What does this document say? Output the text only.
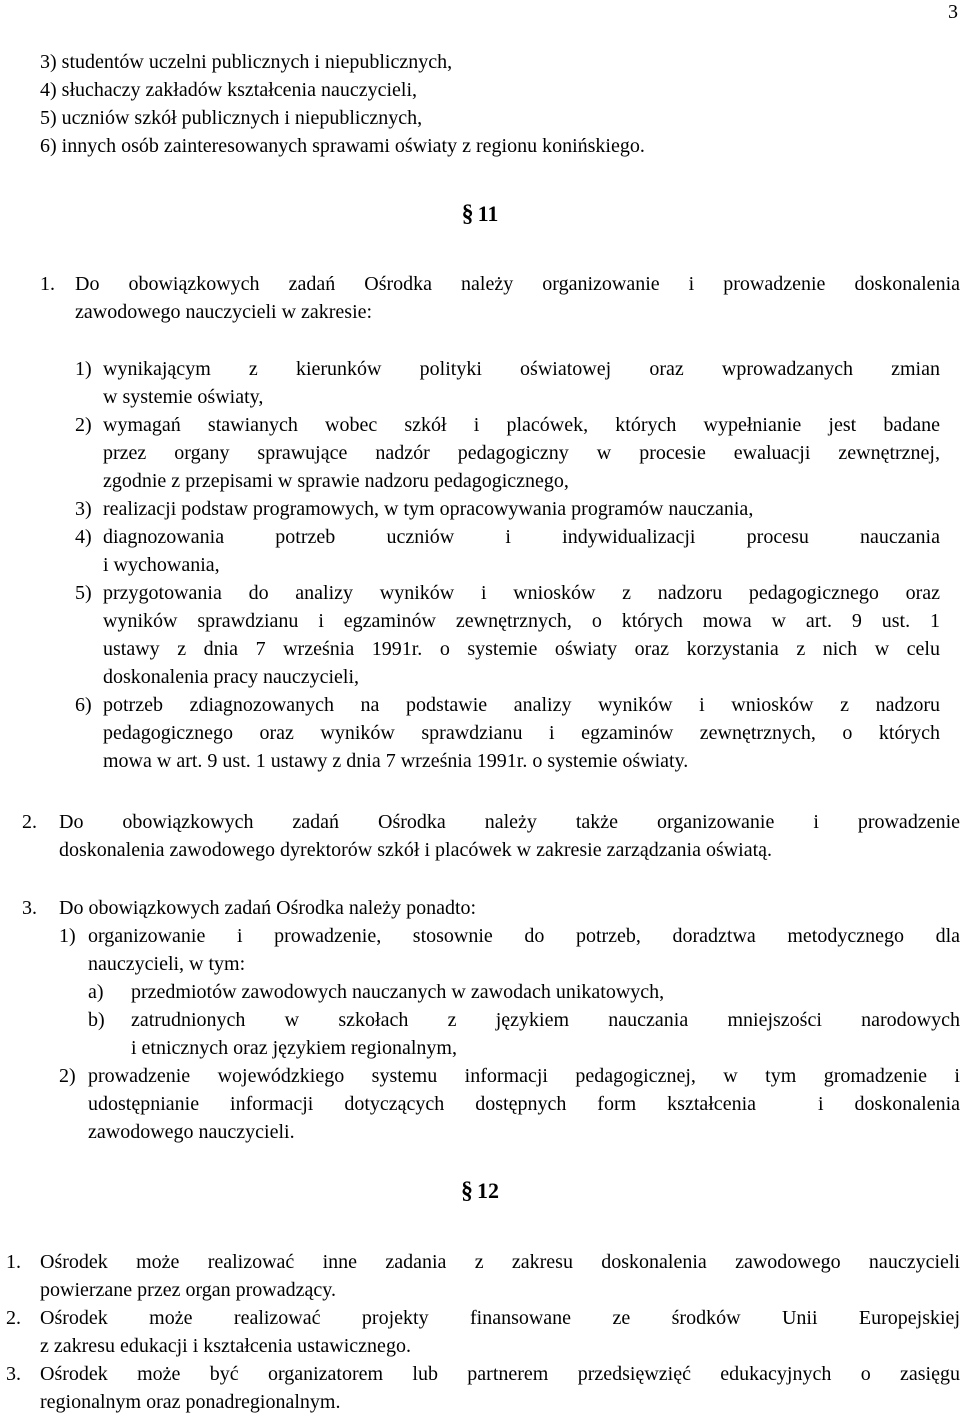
3
3) studentów uczelni publicznych i niepublicznych,
4) słuchaczy zakładów kształcenia nauczycieli,
5) uczniów szkół publicznych i niepublicznych,
6) innych osób zainteresowanych sprawami oświaty z regionu konińskiego.
§ 11
1. Do obowiązkowych zadań Ośrodka należy organizowanie i prowadzenie doskonalenia
zawodowego nauczycieli w zakresie:
1) wynikającym z kierunków polityki oświatowej oraz wprowadzanych zmian
w systemie oświaty,
2) wymagań stawianych wobec szkół i placówek, których wypełnianie jest badane
przez organy sprawujące nadzór pedagogiczny w procesie ewaluacji zewnętrznej,
zgodnie z przepisami w sprawie nadzoru pedagogicznego,
3) realizacji podstaw programowych, w tym opracowywania programów nauczania,
4) diagnozowania potrzeb uczniów i indywidualizacji procesu nauczania
i wychowania,
5) przygotowania do analizy wyników i wniosków z nadzoru pedagogicznego oraz
wyników sprawdzianu i egzaminów zewnętrznych, o których mowa w art. 9 ust. 1
ustawy z dnia 7 września 1991r. o systemie oświaty oraz korzystania z nich w celu
doskonalenia pracy nauczycieli,
6) potrzeb zdiagnozowanych na podstawie analizy wyników i wniosków z nadzoru
pedagogicznego oraz wyników sprawdzianu i egzaminów zewnętrznych, o których
mowa w art. 9 ust. 1 ustawy z dnia 7 września 1991r. o systemie oświaty.
2. Do obowiązkowych zadań Ośrodka należy także organizowanie i prowadzenie
doskonalenia zawodowego dyrektorów szkół i placówek w zakresie zarządzania oświatą.
3. Do obowiązkowych zadań Ośrodka należy ponadto:
1) organizowanie i prowadzenie, stosownie do potrzeb, doradztwa metodycznego dla
nauczycieli, w tym:
a) przedmiotów zawodowych nauczanych w zawodach unikatowych,
b) zatrudnionych w szkołach z językiem nauczania mniejszości narodowych
i etnicznych oraz językiem regionalnym,
2) prowadzenie wojewódzkiego systemu informacji pedagogicznej, w tym gromadzenie i
udostępnianie informacji dotyczących dostępnych form kształcenia  i doskonalenia
zawodowego nauczycieli.
§ 12
1. Ośrodek może realizować inne zadania z zakresu doskonalenia zawodowego nauczycieli
powierzane przez organ prowadzący.
2. Ośrodek może realizować projekty finansowane ze środków Unii Europejskiej
z zakresu edukacji i kształcenia ustawicznego.
3. Ośrodek może być organizatorem lub partnerem przedsięwzięć edukacyjnych o zasięgu
regionalnym oraz ponadregionalnym.
